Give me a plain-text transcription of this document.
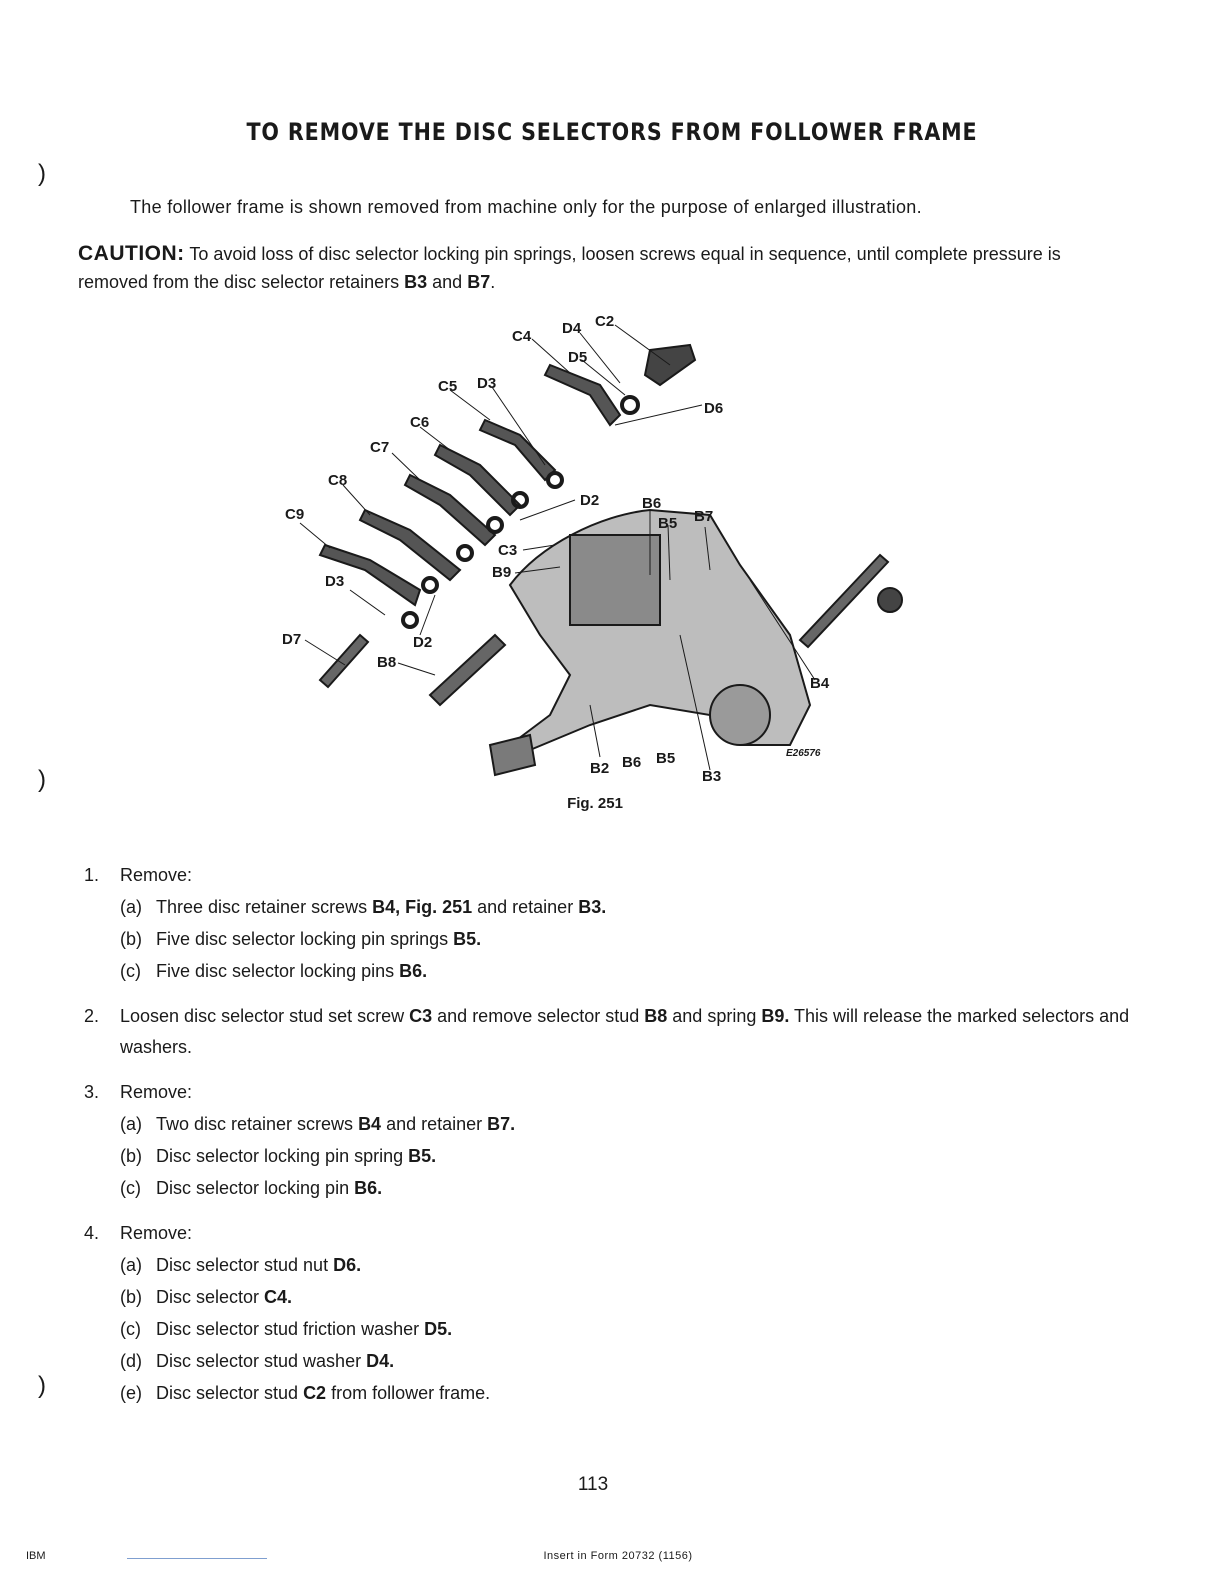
)
)
)
TO REMOVE THE DISC SELECTORS FROM FOLLOWER FRAME
The follower frame is shown removed from machine only for the purpose of enlarged illustration.
CAUTION: To avoid loss of disc selector locking pin springs, loosen screws equal in sequence, until complete pressure is removed from the disc selector retainers B3 and B7.
C4 D4 C2
D5
D6
C5 D3
C6
C7
C8
D2	B6
B5 B7
C9
C3
B9
D3
B4
D7	D2
B8
B2 B6 B5
B3
E26576
Fig. 251
1. Remove:
(a) Three disc retainer screws B4, Fig. 251 and retainer B3.
(b) Five disc selector locking pin springs B5.
(c) Five disc selector locking pins B6.
2. Loosen disc selector stud set screw C3 and remove selector stud B8 and spring B9. This will release the marked selectors and washers.
3. Remove:
(a) Two disc retainer screws B4 and retainer B7.
(b) Disc selector locking pin spring B5.
(c) Disc selector locking pin B6.
4. Remove:
(a) Disc selector stud nut D6.
(b) Disc selector C4.
(c) Disc selector stud friction washer D5.
(d) Disc selector stud washer D4.
(e) Disc selector stud C2 from follower frame.
113
IBM	Insert in Form 20732 (1156)
